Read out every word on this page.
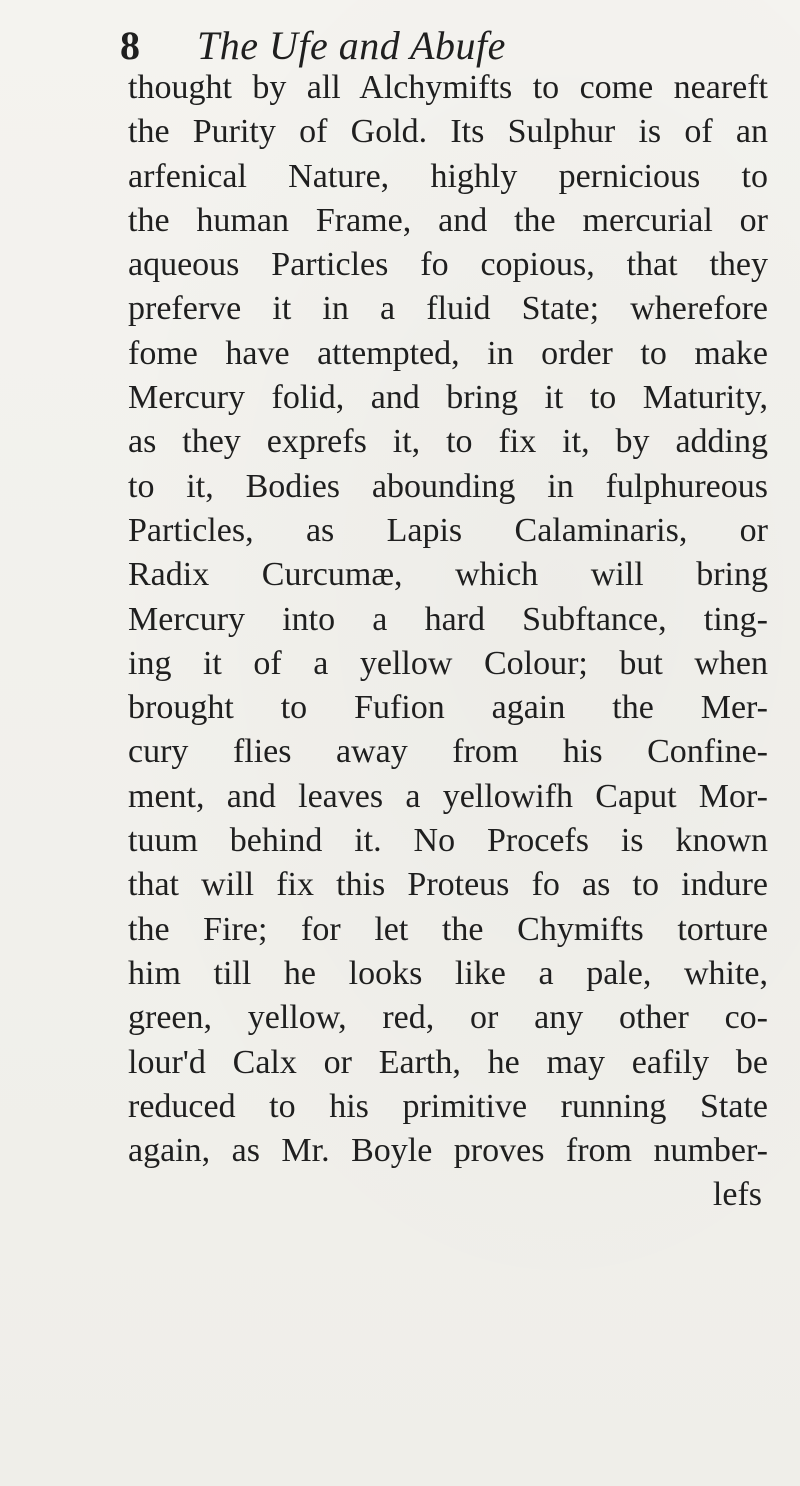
8 The Ufe and Abufe
thought by all Alchymifts to come neareft
the Purity of Gold. Its Sulphur is of an
arfenical Nature, highly pernicious to
the human Frame, and the mercurial or
aqueous Particles fo copious, that they
preferve it in a fluid State; wherefore
fome have attempted, in order to make
Mercury folid, and bring it to Maturity,
as they exprefs it, to fix it, by adding
to it, Bodies abounding in fulphureous
Particles, as Lapis Calaminaris, or
Radix Curcumæ, which will bring
Mercury into a hard Subftance, ting-
ing it of a yellow Colour; but when
brought to Fufion again the Mer-
cury flies away from his Confine-
ment, and leaves a yellowifh Caput Mor-
tuum behind it. No Procefs is known
that will fix this Proteus fo as to indure
the Fire; for let the Chymifts torture
him till he looks like a pale, white,
green, yellow, red, or any other co-
lour'd Calx or Earth, he may eafily be
reduced to his primitive running State
again, as Mr. Boyle proves from number-
lefs
